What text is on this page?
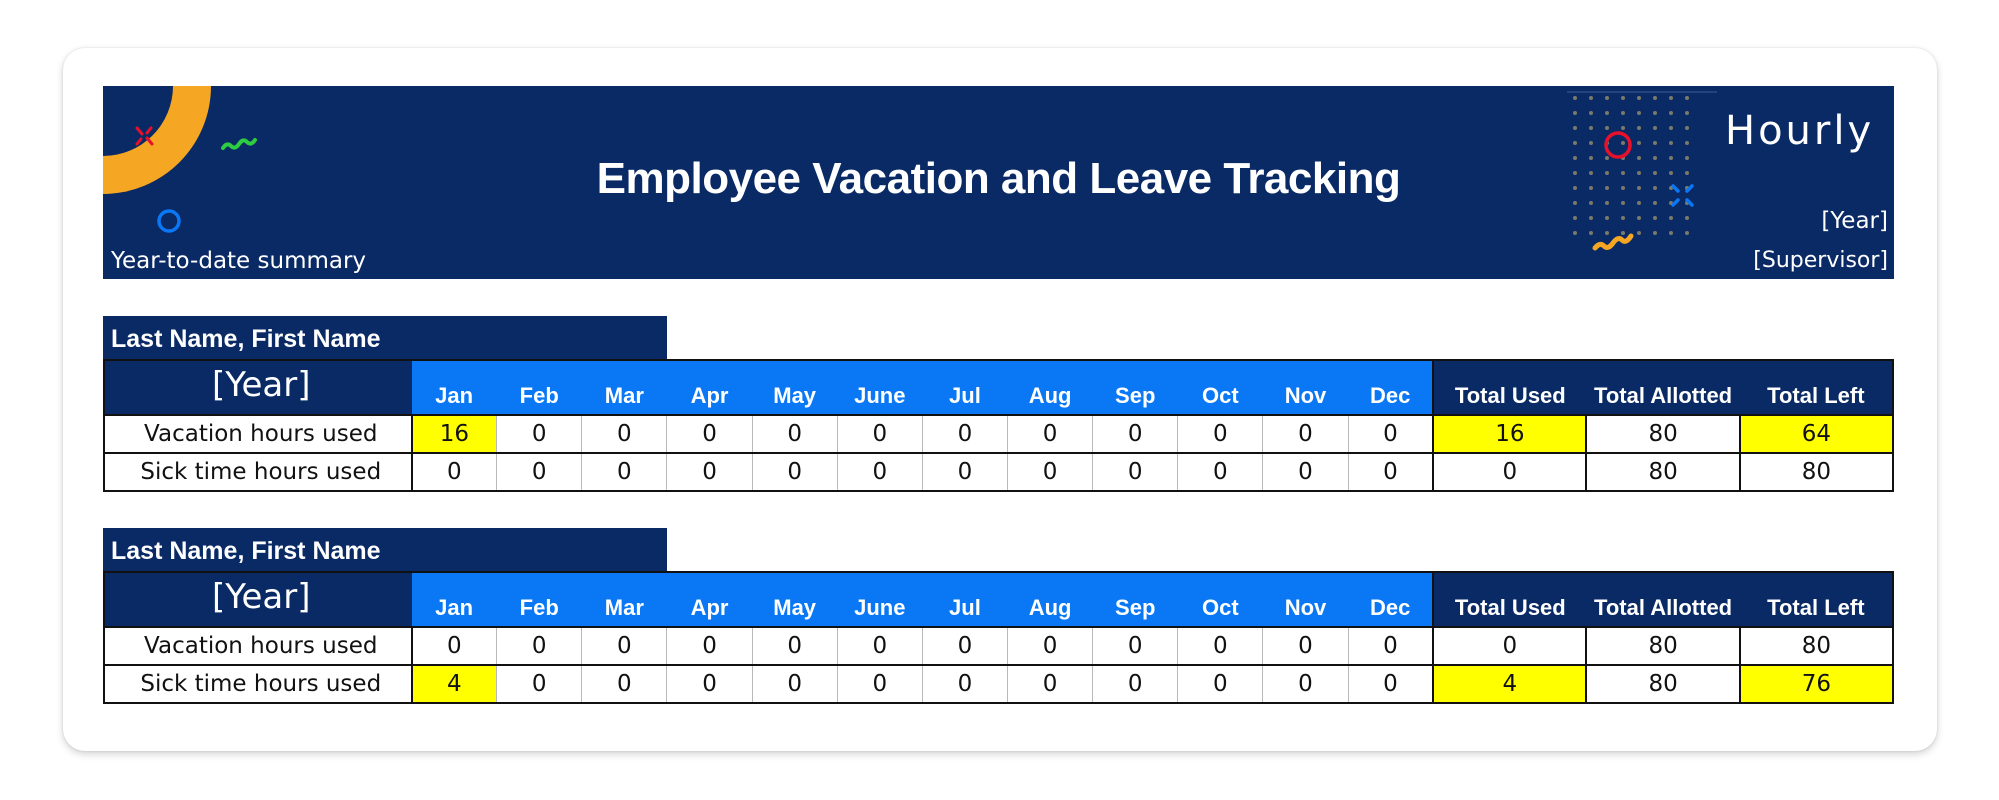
Employee Vacation and Leave Tracking
Year-to-date summary
Hourly
[Year]
[Supervisor]
Last Name, First Name
[Year]	Jan	Feb	Mar	Apr	May	June	Jul	Aug	Sep	Oct	Nov	Dec	Total Used	Total Allotted	Total Left
Vacation hours used	16	0	0	0	0	0	0	0	0	0	0	0	16	80	64
Sick time hours used	0	0	0	0	0	0	0	0	0	0	0	0	0	80	80
Last Name, First Name
[Year]	Jan	Feb	Mar	Apr	May	June	Jul	Aug	Sep	Oct	Nov	Dec	Total Used	Total Allotted	Total Left
Vacation hours used	0	0	0	0	0	0	0	0	0	0	0	0	0	80	80
Sick time hours used	4	0	0	0	0	0	0	0	0	0	0	0	4	80	76
